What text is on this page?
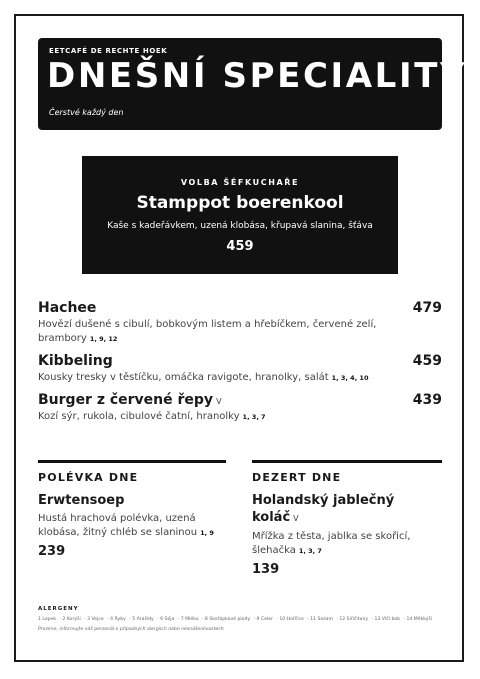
EETCAFÉ DE RECHTE HOEK
DNEŠNÍ SPECIALITY
Čerstvé každý den
VOLBA ŠÉFKUCHAŘE
Stamppot boerenkool
Kaše s kadeřávkem, uzená klobása, křupavá slanina, šťáva
459
Hachee	479
Hovězí dušené s cibulí, bobkovým listem a hřebíčkem, červené zelí, brambory 1, 9, 12
Kibbeling	459
Kousky tresky v těstíčku, omáčka ravigote, hranolky, salát 1, 3, 4, 10
Burger z červené řepy V	439
Kozí sýr, rukola, cibulové čatní, hranolky 1, 3, 7
POLÉVKA DNE
Erwtensoep
Hustá hrachová polévka, uzená klobása, žitný chléb se slaninou 1, 9
239
DEZERT DNE
Holandský jablečný koláč V
Mřížka z těsta, jablka se skořicí, šlehačka 1, 3, 7
139
ALERGENY
1 Lepek · 2 Korýši · 3 Vejce · 4 Ryby · 5 Arašídy · 6 Sója · 7 Mléko · 8 Skořápkové plody · 9 Celer · 10 Hořčice · 11 Sezam · 12 Siřičitany · 13 Vlčí bob · 14 Měkkýši
Prosíme, informujte náš personál o případných alergiích nebo nesnášenlivostech
